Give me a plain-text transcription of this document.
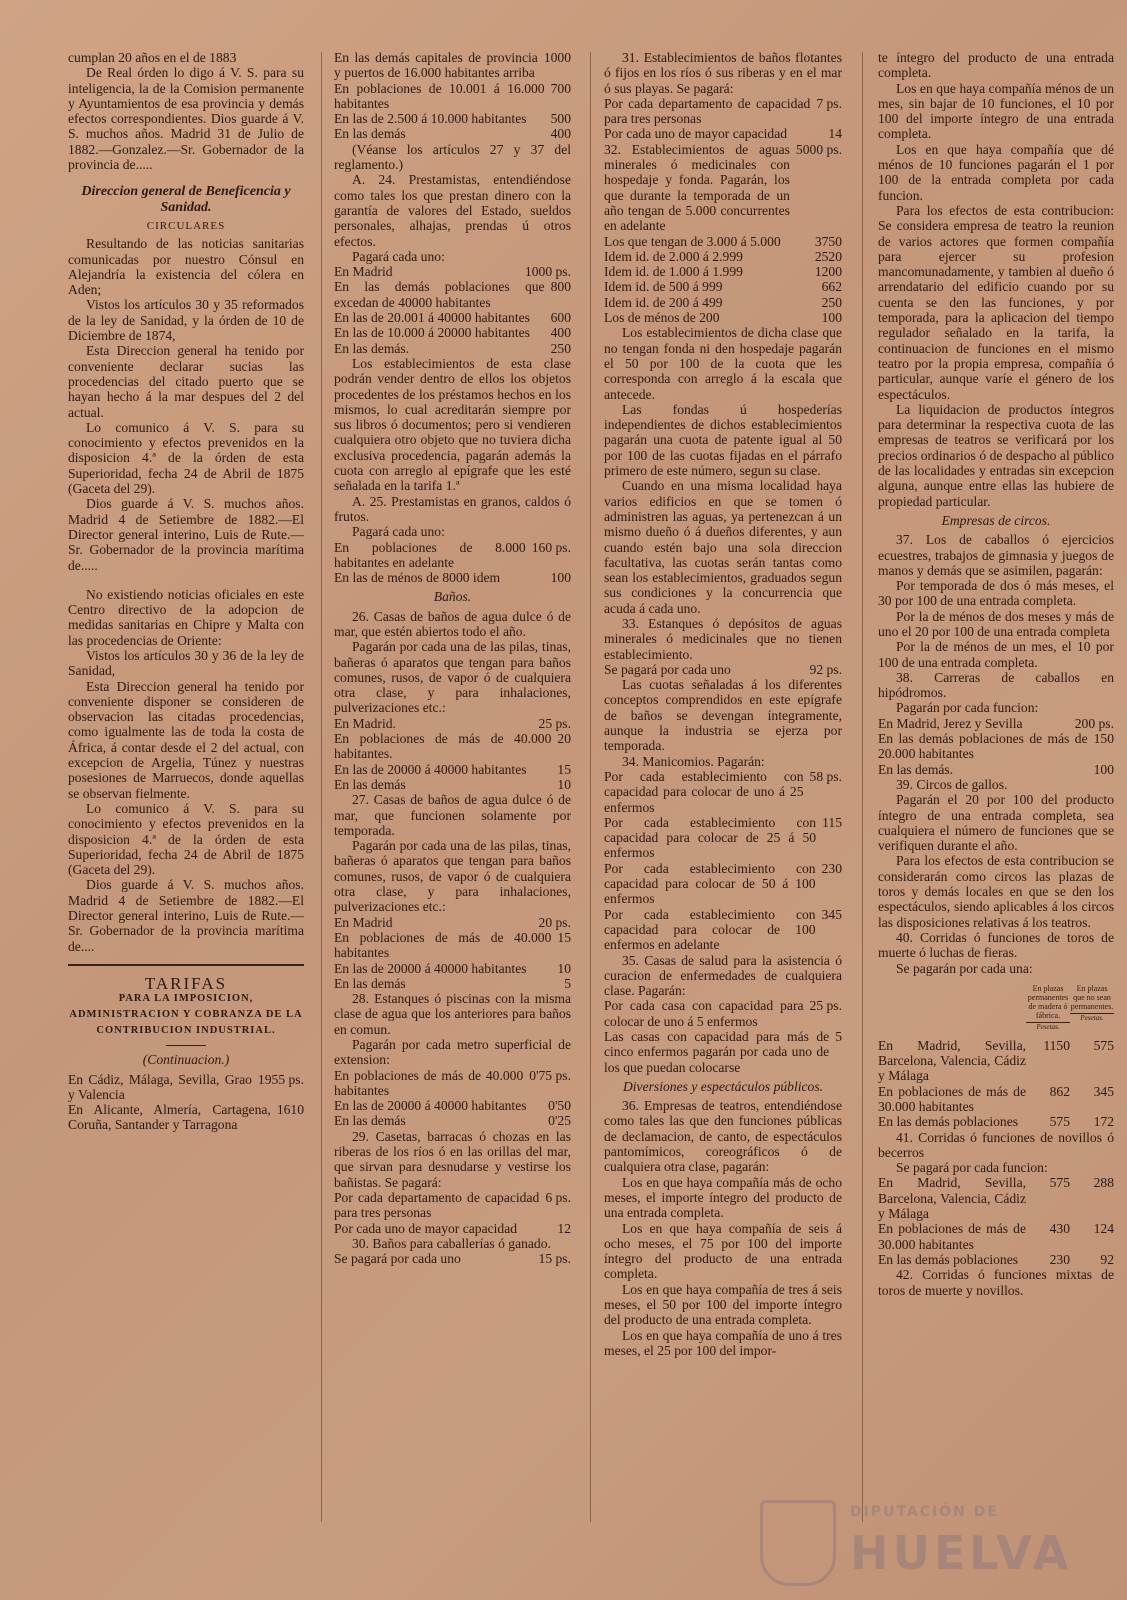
cumplan 20 años en el de 1883

De Real órden lo digo á V. S. para su inteligencia, la de la Comision permanente y Ayuntamientos de esa provincia y demás efectos correspondientes. Dios guarde á V. S. muchos años. Madrid 31 de Julio de 1882.—Gonzalez.—Sr. Gobernador de la provincia de.....

Direccion general de Beneficencia y Sanidad.

CIRCULARES

Resultando de las noticias sanitarias comunicadas por nuestro Cónsul en Alejandría la existencia del cólera en Aden;

Vistos los artículos 30 y 35 reformados de la ley de Sanidad, y la órden de 10 de Diciembre de 1874,

Esta Direccion general ha tenido por conveniente declarar sucias las procedencias del citado puerto que se hayan hecho á la mar despues del 2 del actual.

Lo comunico á V. S. para su conocimiento y efectos prevenidos en la disposicion 4.ª de la órden de esta Superioridad, fecha 24 de Abril de 1875 (Gaceta del 29).

Dios guarde á V. S. muchos años. Madrid 4 de Setiembre de 1882.—El Director general interino, Luis de Rute.—Sr. Gobernador de la provincia marítima de.....

No existiendo noticias oficiales en este Centro directivo de la adopcion de medidas sanitarias en Chipre y Malta con las procedencias de Oriente:

Vistos los artículos 30 y 36 de la ley de Sanidad,

Esta Direccion general ha tenido por conveniente disponer se consideren de observacion las citadas procedencias, como igualmente las de toda la costa de África, á contar desde el 2 del actual, con excepcion de Argelia, Túnez y nuestras posesiones de Marruecos, donde aquellas se observan fielmente.

Lo comunico á V. S. para su conocimiento y efectos prevenidos en la disposicion 4.ª de la órden de esta Superioridad, fecha 24 de Abril de 1875 (Gaceta del 29).

Dios guarde á V. S. muchos años. Madrid 4 de Setiembre de 1882.—El Director general interino, Luis de Rute.—Sr. Gobernador de la provincia marítima de....

TARIFAS
PARA LA IMPOSICION, ADMINISTRACION Y COBRANZA DE LA CONTRIBUCION INDUSTRIAL.
(Continuacion.)
En Cádiz, Málaga, Sevilla, Grao y Valencia
1955 ps.
En Alicante, Almería, Cartagena, Coruña, Santander y Tarragona
1610
En las demás capitales de provincia y puertos de 16.000 habitantes arriba
1000
En poblaciones de 10.001 á 16.000 habitantes
700
En las de 2.500 á 10.000 habitantes	500
En las demás	400

(Véanse los artículos 27 y 37 del reglamento.)

A. 24. Prestamistas, entendiéndose como tales los que prestan dinero con la garantía de valores del Estado, sueldos personales, alhajas, prendas ú otros efectos.

Pagará cada uno:

En Madrid	1000 ps.
En las demás poblaciones que excedan de 40000 habitantes
800
En las de 20.001 á 40000 habitantes	600
En las de 10.000 á 20000 habitantes	400
En las demás.	250

Los establecimientos de esta clase podrán vender dentro de ellos los objetos procedentes de los préstamos hechos en los mismos, lo cual acreditarán siempre por sus libros ó documentos; pero si vendieren cualquiera otro objeto que no tuviera dicha exclusiva procedencia, pagarán además la cuota con arreglo al epígrafe que les esté señalada en la tarifa 1.ª

A. 25. Prestamistas en granos, caldos ó frutos.

Pagará cada uno:

En poblaciones de 8.000 habitantes en adelante
160 ps.
En las de ménos de 8000 idem	100
Baños.

26. Casas de baños de agua dulce ó de mar, que estén abiertos todo el año.

Pagarán por cada una de las pilas, tinas, bañeras ó aparatos que tengan para baños comunes, rusos, de vapor ó de cualquiera otra clase, y para inhalaciones, pulverizaciones etc.:

En Madrid.	25 ps.
En poblaciones de más de 40.000 habitantes.
20
En las de 20000 á 40000 habitantes	15
En las demás	10

27. Casas de baños de agua dulce ó de mar, que funcionen solamente por temporada.

Pagarán por cada una de las pilas, tinas, bañeras ó aparatos que tengan para baños comunes, rusos, de vapor ó de cualquiera otra clase, y para inhalaciones, pulverizaciones etc.:

En Madrid	20 ps.
En poblaciones de más de 40.000 habitantes
15
En las de 20000 á 40000 habitantes	10
En las demás	5

28. Estanques ó piscinas con la misma clase de agua que los anteriores para baños en comun.

Pagarán por cada metro superficial de extension:

En poblaciones de más de 40.000 habitantes
0'75 ps.
En las de 20000 á 40000 habitantes	0'50
En las demás	0'25

29. Casetas, barracas ó chozas en las riberas de los ríos ó en las orillas del mar, que sirvan para desnudarse y vestirse los bañistas. Se pagará:

Por cada departamento de capacidad para tres personas
6 ps.
Por cada uno de mayor capacidad	12

30. Baños para caballerías ó ganado.

Se pagará por cada uno	15 ps.

31. Establecimientos de baños flotantes ó fijos en los ríos ó sus riberas y en el mar ó sus playas. Se pagará:

Por cada departamento de capacidad para tres personas
7 ps.
Por cada uno de mayor capacidad	14
32. Establecimientos de aguas minerales ó medicinales con hospedaje y fonda. Pagarán, los que durante la temporada de un año tengan de 5.000 concurrentes en adelante
5000 ps.
Los que tengan de 3.000 á 5.000	3750
Idem id. de 2.000 á 2.999	2520
Idem id. de 1.000 á 1.999	1200
Idem id. de 500 á 999	662
Idem id. de 200 á 499	250
Los de ménos de 200	100

Los establecimientos de dicha clase que no tengan fonda ni den hospedaje pagarán el 50 por 100 de la cuota que les corresponda con arreglo á la escala que antecede.

Las fondas ú hospederías independientes de dichos establecimientos pagarán una cuota de patente igual al 50 por 100 de las cuotas fijadas en el párrafo primero de este número, segun su clase.

Cuando en una misma localidad haya varios edificios en que se tomen ó administren las aguas, ya pertenezcan á un mismo dueño ó á dueños diferentes, y aun cuando estén bajo una sola direccion facultativa, las cuotas serán tantas como sean los establecimientos, graduados segun sus condiciones y la concurrencia que acuda á cada uno.

33. Estanques ó depósitos de aguas minerales ó medicinales que no tienen establecimiento.

Se pagará por cada uno	92 ps.

Las cuotas señaladas á los diferentes conceptos comprendidos en este epígrafe de baños se devengan íntegramente, aunque la industria se ejerza por temporada.

34. Manicomios. Pagarán:

Por cada establecimiento con capacidad para colocar de uno á 25 enfermos
58 ps.
Por cada establecimiento con capacidad para colocar de 25 á 50 enfermos
115
Por cada establecimiento con capacidad para colocar de 50 á 100 enfermos
230
Por cada establecimiento con capacidad para colocar de 100 enfermos en adelante
345

35. Casas de salud para la asistencia ó curacion de enfermedades de cualquiera clase. Pagarán:

Por cada casa con capacidad para colocar de uno á 5 enfermos
25 ps.
Las casas con capacidad para más de cinco enfermos pagarán por cada uno de los que puedan colocarse
5
Diversiones y espectáculos públicos.

36. Empresas de teatros, entendiéndose como tales las que den funciones públicas de declamacion, de canto, de espectáculos pantomímicos, coreográficos ó de cualquiera otra clase, pagarán:

Los en que haya compañía más de ocho meses, el importe íntegro del producto de una entrada completa.

Los en que haya compañía de seis á ocho meses, el 75 por 100 del importe íntegro del producto de una entrada completa.

Los en que haya compañía de tres á seis meses, el 50 por 100 del importe íntegro del producto de una entrada completa.

Los en que haya compañía de uno á tres meses, el 25 por 100 del impor-

te íntegro del producto de una entrada completa.

Los en que haya compañía ménos de un mes, sin bajar de 10 funciones, el 10 por 100 del importe íntegro de una entrada completa.

Los en que haya compañía que dé ménos de 10 funciones pagarán el 1 por 100 de la entrada completa por cada funcion.

Para los efectos de esta contribucion: Se considera empresa de teatro la reunion de varios actores que formen compañía para ejercer su profesion mancomunadamente, y tambien al dueño ó arrendatario del edificio cuando por su cuenta se den las funciones, y por temporada, para la aplicacion del tiempo regulador señalado en la tarifa, la continuacion de funciones en el mismo teatro por la propia empresa, compañía ó particular, aunque varíe el género de los espectáculos.

La liquidacion de productos íntegros para determinar la respectiva cuota de las empresas de teatros se verificará por los precios ordinarios ó de despacho al público de las localidades y entradas sin excepcion alguna, aunque entre ellas las hubiere de propiedad particular.

Empresas de circos.

37. Los de caballos ó ejercicios ecuestres, trabajos de gimnasia y juegos de manos y demás que se asimilen, pagarán:

Por temporada de dos ó más meses, el 30 por 100 de una entrada completa.

Por la de ménos de dos meses y más de uno el 20 por 100 de una entrada completa

Por la de ménos de un mes, el 10 por 100 de una entrada completa.

38. Carreras de caballos en hipódromos.

Pagarán por cada funcion:

En Madrid, Jerez y Sevilla	200 ps.
En las demás poblaciones de más de 20.000 habitantes
150
En las demás.	100

39. Circos de gallos.

Pagarán el 20 por 100 del producto íntegro de una entrada completa, sea cualquiera el número de funciones que se verifiquen durante el año.

Para los efectos de esta contribucion se considerarán como circos las plazas de toros y demás locales en que se den los espectáculos, siendo aplicables á los circos las disposiciones relativas á los teatros.

40. Corridas ó funciones de toros de muerte ó luchas de fieras.

Se pagarán por cada una:

En plazas permanentes de madera ó fábrica.
Pesetas.
En plazas que no sean permanentes.
Pesetas.
En Madrid, Sevilla, Barcelona, Valencia, Cádiz y Málaga
1150	575
En poblaciones de más de 30.000 habitantes
862	345
En las demás poblaciones	575	172

41. Corridas ó funciones de novillos ó becerros

Se pagará por cada funcion:

En Madrid, Sevilla, Barcelona, Valencia, Cádiz y Málaga
575	288
En poblaciones de más de 30.000 habitantes
430	124
En las demás poblaciones	230	92

42. Corridas ó funciones mixtas de toros de muerte y novillos.

DIPUTACIÓN DE
HUELVA
